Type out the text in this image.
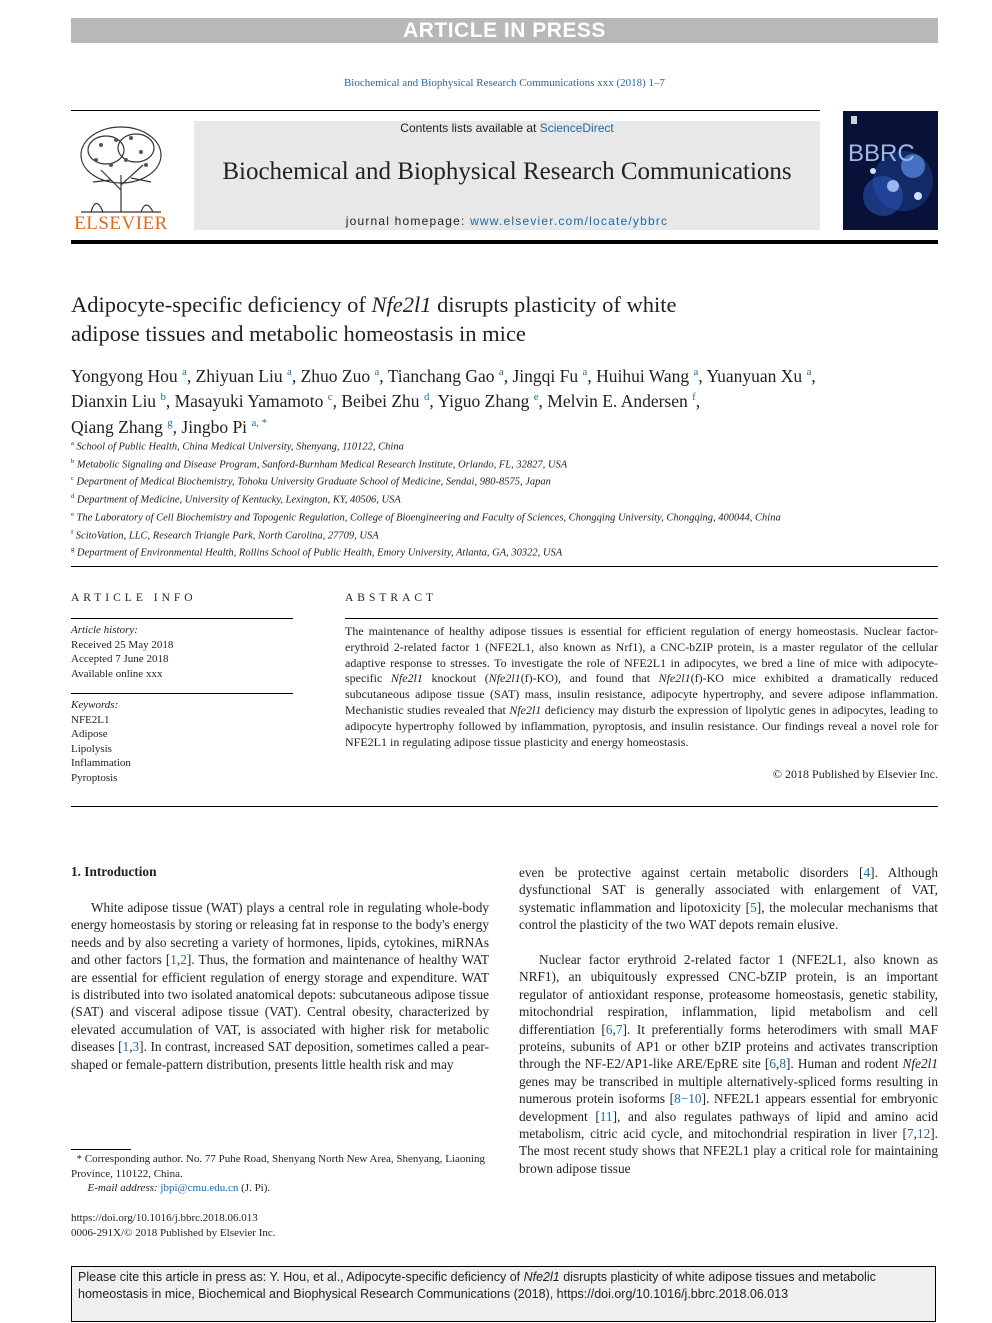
ARTICLE IN PRESS
Biochemical and Biophysical Research Communications xxx (2018) 1–7
ELSEVIER
Contents lists available at ScienceDirect
Biochemical and Biophysical Research Communications
journal homepage: www.elsevier.com/locate/ybbrc
BBRC
Adipocyte-specific deficiency of Nfe2l1 disrupts plasticity of white
adipose tissues and metabolic homeostasis in mice
Yongyong Hou $^a$, Zhiyuan Liu $^a$, Zhuo Zuo $^a$, Tianchang Gao $^a$, Jingqi Fu $^a$, Huihui Wang $^a$, Yuanyuan Xu $^a$,
Dianxin Liu $^b$, Masayuki Yamamoto $^c$, Beibei Zhu $^d$, Yiguo Zhang $^e$, Melvin E. Andersen $^f$,
Qiang Zhang $^g$, Jingbo Pi $^{a, *}$
$^a$ School of Public Health, China Medical University, Shenyang, 110122, China
$^b$ Metabolic Signaling and Disease Program, Sanford-Burnham Medical Research Institute, Orlando, FL, 32827, USA
$^c$ Department of Medical Biochemistry, Tohoku University Graduate School of Medicine, Sendai, 980-8575, Japan
$^d$ Department of Medicine, University of Kentucky, Lexington, KY, 40506, USA
$^e$ The Laboratory of Cell Biochemistry and Topogenic Regulation, College of Bioengineering and Faculty of Sciences, Chongqing University, Chongqing, 400044, China
$^f$ ScitoVation, LLC, Research Triangle Park, North Carolina, 27709, USA
$^g$ Department of Environmental Health, Rollins School of Public Health, Emory University, Atlanta, GA, 30322, USA
ARTICLE INFO
Article history:
Received 25 May 2018
Accepted 7 June 2018
Available online xxx
Keywords:
NFE2L1
Adipose
Lipolysis
Inflammation
Pyroptosis
ABSTRACT
The maintenance of healthy adipose tissues is essential for efficient regulation of energy homeostasis. Nuclear factor-erythroid 2-related factor 1 (NFE2L1, also known as Nrf1), a CNC-bZIP protein, is a master regulator of the cellular adaptive response to stresses. To investigate the role of NFE2L1 in adipocytes, we bred a line of mice with adipocyte-specific Nfe2l1 knockout (Nfe2l1(f)-KO), and found that Nfe2l1(f)-KO mice exhibited a dramatically reduced subcutaneous adipose tissue (SAT) mass, insulin resistance, adipocyte hypertrophy, and severe adipose inflammation. Mechanistic studies revealed that Nfe2l1 deficiency may disturb the expression of lipolytic genes in adipocytes, leading to adipocyte hypertrophy followed by inflammation, pyroptosis, and insulin resistance. Our findings reveal a novel role for NFE2L1 in regulating adipose tissue plasticity and energy homeostasis.
© 2018 Published by Elsevier Inc.
1. Introduction
White adipose tissue (WAT) plays a central role in regulating whole-body energy homeostasis by storing or releasing fat in response to the body's energy needs and by also secreting a variety of hormones, lipids, cytokines, miRNAs and other factors [1,2]. Thus, the formation and maintenance of healthy WAT are essential for efficient regulation of energy storage and expenditure. WAT is distributed into two isolated anatomical depots: subcutaneous adipose tissue (SAT) and visceral adipose tissue (VAT). Central obesity, characterized by elevated accumulation of VAT, is associated with higher risk for metabolic diseases [1,3]. In contrast, increased SAT deposition, sometimes called a pear-shaped or female-pattern distribution, presents little health risk and may
even be protective against certain metabolic disorders [4]. Although dysfunctional SAT is generally associated with enlargement of VAT, systematic inflammation and lipotoxicity [5], the molecular mechanisms that control the plasticity of the two WAT depots remain elusive.
Nuclear factor erythroid 2-related factor 1 (NFE2L1, also known as NRF1), an ubiquitously expressed CNC-bZIP protein, is an important regulator of antioxidant response, proteasome homeostasis, genetic stability, mitochondrial respiration, inflammation, lipid metabolism and cell differentiation [6,7]. It preferentially forms heterodimers with small MAF proteins, subunits of AP1 or other bZIP proteins and activates transcription through the NF-E2/AP1-like ARE/EpRE site [6,8]. Human and rodent Nfe2l1 genes may be transcribed in multiple alternatively-spliced forms resulting in numerous protein isoforms [8−10]. NFE2L1 appears essential for embryonic development [11], and also regulates pathways of lipid and amino acid metabolism, citric acid cycle, and mitochondrial respiration in liver [7,12]. The most recent study shows that NFE2L1 play a critical role for maintaining brown adipose tissue
* Corresponding author. No. 77 Puhe Road, Shenyang North New Area, Shenyang, Liaoning Province, 110122, China.
E-mail address: jbpi@cmu.edu.cn (J. Pi).
https://doi.org/10.1016/j.bbrc.2018.06.013
0006-291X/© 2018 Published by Elsevier Inc.
Please cite this article in press as: Y. Hou, et al., Adipocyte-specific deficiency of Nfe2l1 disrupts plasticity of white adipose tissues and metabolic homeostasis in mice, Biochemical and Biophysical Research Communications (2018), https://doi.org/10.1016/j.bbrc.2018.06.013
